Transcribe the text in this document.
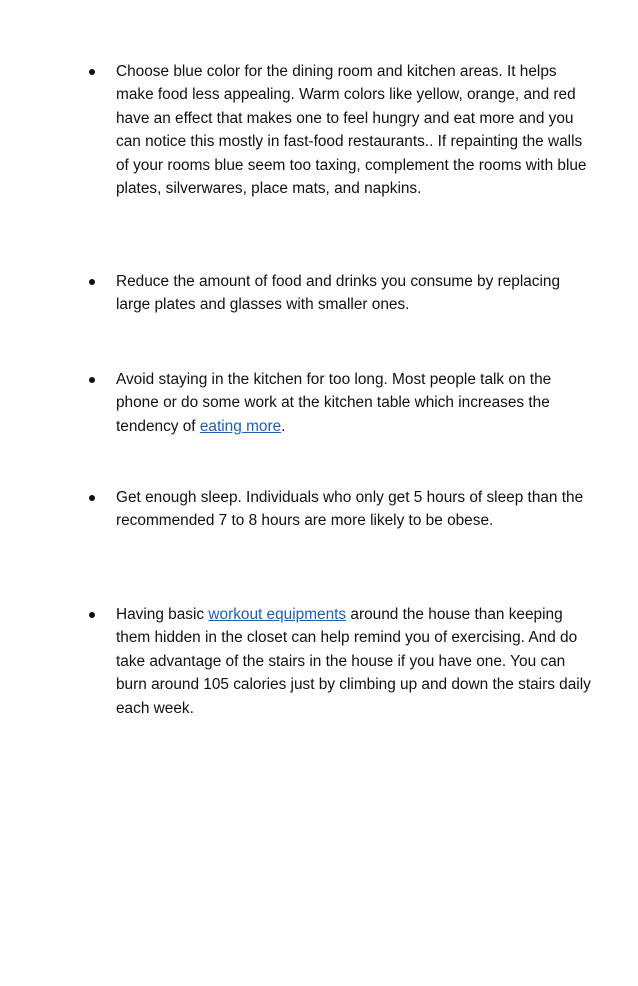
Choose blue color for the dining room and kitchen areas. It helps make food less appealing. Warm colors like yellow, orange, and red have an effect that makes one to feel hungry and eat more and you can notice this mostly in fast-food restaurants.. If repainting the walls of your rooms blue seem too taxing, complement the rooms with blue plates, silverwares, place mats, and napkins.

Reduce the amount of food and drinks you consume by replacing large plates and glasses with smaller ones.

Avoid staying in the kitchen for too long. Most people talk on the phone or do some work at the kitchen table which increases the tendency of eating more.

Get enough sleep. Individuals who only get 5 hours of sleep than the recommended 7 to 8 hours are more likely to be obese.

Having basic workout equipments around the house than keeping them hidden in the closet can help remind you of exercising. And do take advantage of the stairs in the house if you have one. You can burn around 105 calories just by climbing up and down the stairs daily each week.
